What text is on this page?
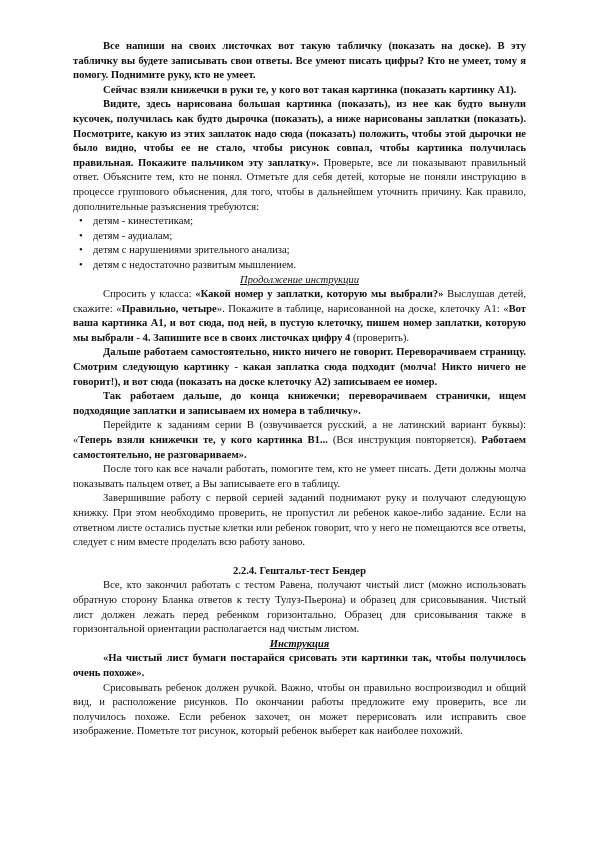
Все напиши на своих листочках вот такую табличку (показать на доске). В эту табличку вы будете записывать свои ответы. Все умеют писать цифры? Кто не умеет, тому я помогу. Поднимите руку, кто не умеет.

Сейчас взяли книжечки в руки те, у кого вот такая картинка (показать картинку А1).

Видите, здесь нарисована большая картинка (показать), из нее как будто вынули кусочек, получилась как будто дырочка (показать), а ниже нарисованы заплатки (показать). Посмотрите, какую из этих заплаток надо сюда (показать) положить, чтобы этой дырочки не было видно, чтобы ее не стало, чтобы рисунок совпал, чтобы картинка получилась правильная. Покажите пальчиком эту заплатку». Проверьте, все ли показывают правильный ответ. Объясните тем, кто не понял. Отметьте для себя детей, которые не поняли инструкцию в процессе группового объяснения, для того, чтобы в дальнейшем уточнить причину. Как правило, дополнительные разъяснения требуются:

• детям - кинестетикам;
• детям - аудиалам;
• детям с нарушениями зрительного анализа;
• детям с недостаточно развитым мышлением.

Продолжение инструкции

Спросить у класса: «Какой номер у заплатки, которую мы выбрали?» Выслушав детей, скажите: «Правильно, четыре». Покажите в таблице, нарисованной на доске, клеточку А1: «Вот ваша картинка А1, и вот сюда, под ней, в пустую клеточку, пишем номер заплатки, которую мы выбрали - 4. Запишите все в своих листочках цифру 4 (проверить).

Дальше работаем самостоятельно, никто ничего не говорит. Переворачиваем страницу. Смотрим следующую картинку - какая заплатка сюда подходит (молча! Никто ничего не говорит!), и вот сюда (показать на доске клеточку А2) записываем ее номер.

Так работаем дальше, до конца книжечки; переворачиваем странички, ищем подходящие заплатки и записываем их номера в табличку».

Перейдите к заданиям серии В (озвучивается русский, а не латинский вариант буквы): «Теперь взяли книжечки те, у кого картинка В1... (Вся инструкция повторяется). Работаем самостоятельно, не разговариваем».

После того как все начали работать, помогите тем, кто не умеет писать. Дети должны молча показывать пальцем ответ, а Вы записываете его в таблицу.

Завершившие работу с первой серией заданий поднимают руку и получают следующую книжку. При этом необходимо проверить, не пропустил ли ребенок какое-либо задание. Если на ответном листе остались пустые клетки или ребенок говорит, что у него не помещаются все ответы, следует с ним вместе проделать всю работу заново.

2.2.4. Гештальт-тест Бендер

Все, кто закончил работать с тестом Равена, получают чистый лист (можно использовать обратную сторону Бланка ответов к тесту Тулуз-Пьерона) и образец для срисовывания. Чистый лист должен лежать перед ребенком горизонтально. Образец для срисовывания также в горизонтальной ориентации располагается над чистым листом.

Инструкция

«На чистый лист бумаги постарайся срисовать эти картинки так, чтобы получилось очень похоже».

Срисовывать ребенок должен ручкой. Важно, чтобы он правильно воспроизводил и общий вид, и расположение рисунков. По окончании работы предложите ему проверить, все ли получилось похоже. Если ребенок захочет, он может перерисовать или исправить свое изображение. Пометьте тот рисунок, который ребенок выберет как наиболее похожий.
